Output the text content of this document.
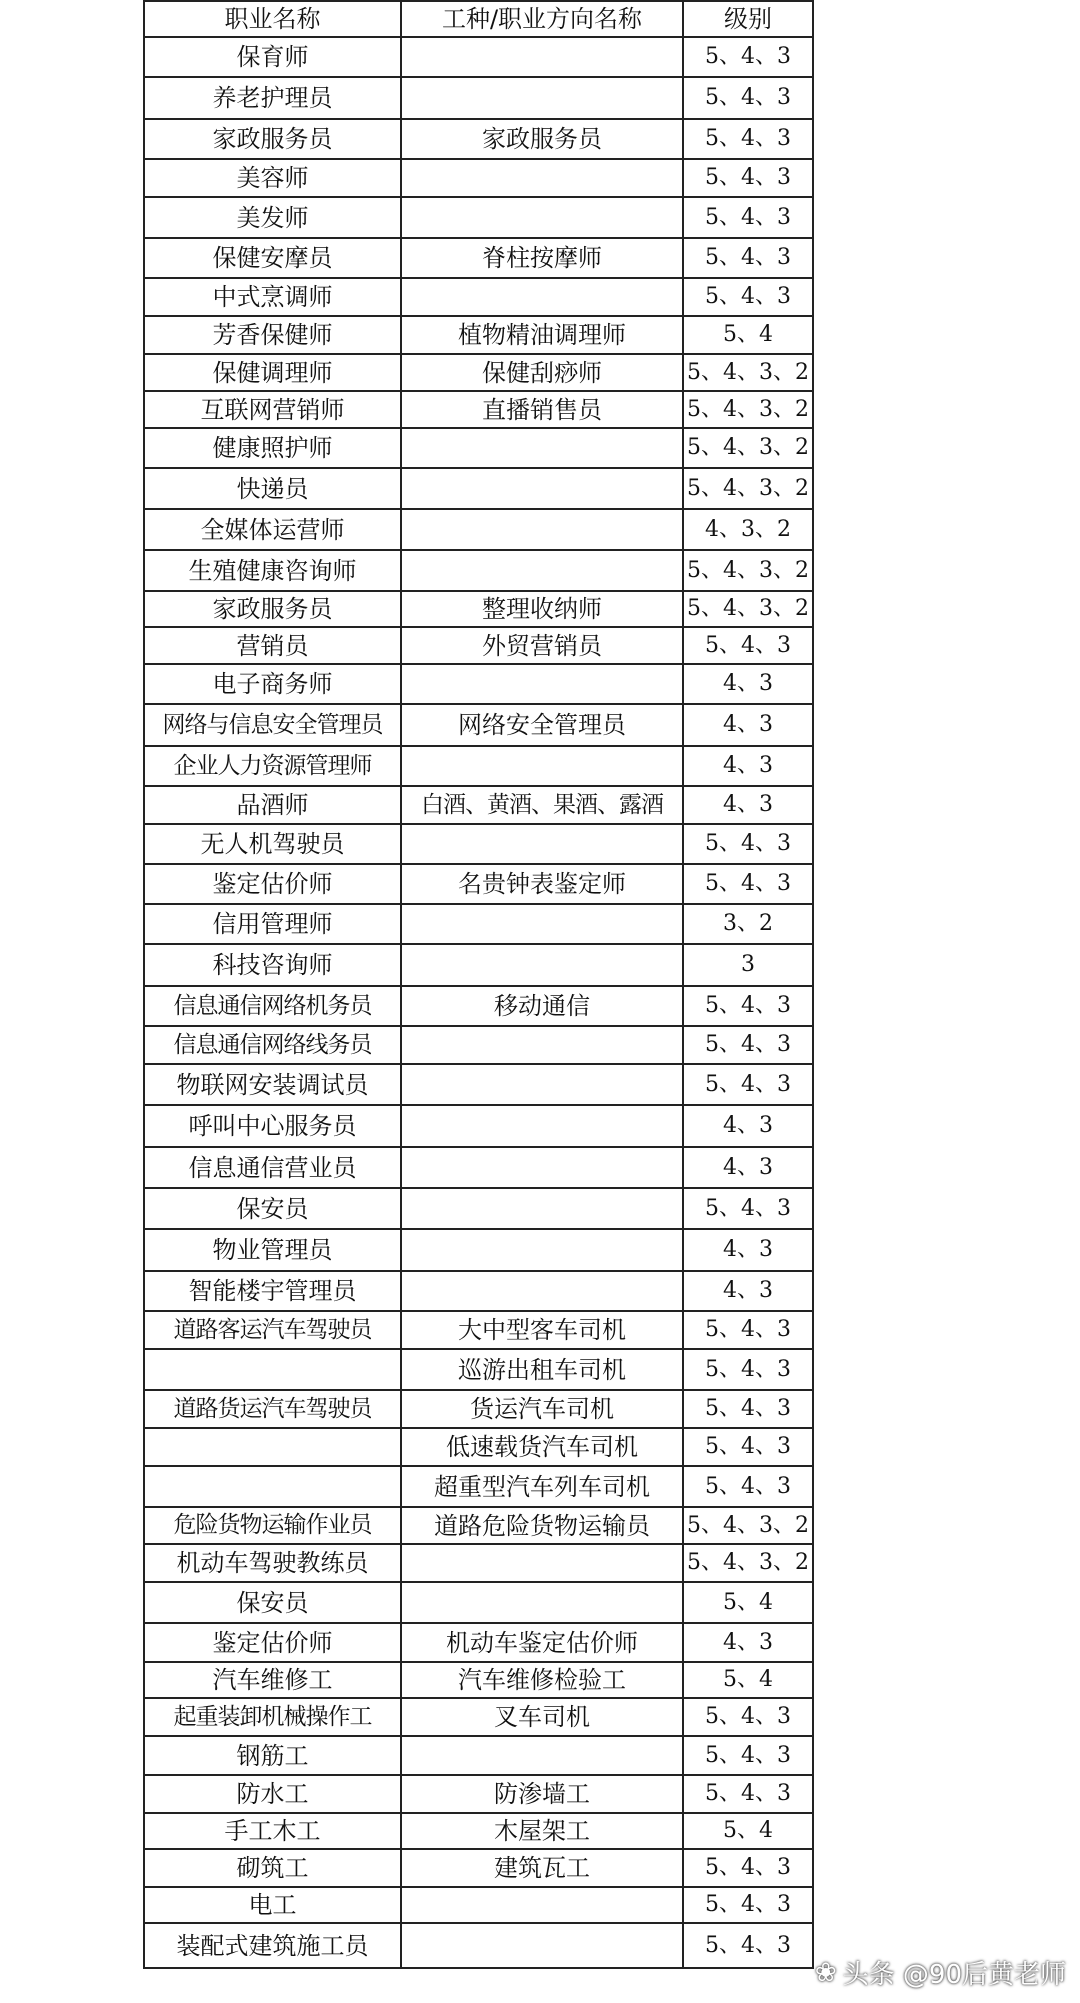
职业名称	工种/职业方向名称	级别
保育师		5、4、3
养老护理员		5、4、3
家政服务员	家政服务员	5、4、3
美容师		5、4、3
美发师		5、4、3
保健安摩员	脊柱按摩师	5、4、3
中式烹调师		5、4、3
芳香保健师	植物精油调理师	5、4
保健调理师	保健刮痧师	5、4、3、2
互联网营销师	直播销售员	5、4、3、2
健康照护师		5、4、3、2
快递员		5、4、3、2
全媒体运营师		4、3、2
生殖健康咨询师		5、4、3、2
家政服务员	整理收纳师	5、4、3、2
营销员	外贸营销员	5、4、3
电子商务师		4、3
网络与信息安全管理员	网络安全管理员	4、3
企业人力资源管理师		4、3
品酒师	白酒、黄酒、果酒、露酒	4、3
无人机驾驶员		5、4、3
鉴定估价师	名贵钟表鉴定师	5、4、3
信用管理师		3、2
科技咨询师		3
信息通信网络机务员	移动通信	5、4、3
信息通信网络线务员		5、4、3
物联网安装调试员		5、4、3
呼叫中心服务员		4、3
信息通信营业员		4、3
保安员		5、4、3
物业管理员		4、3
智能楼宇管理员		4、3
道路客运汽车驾驶员	大中型客车司机	5、4、3
	巡游出租车司机	5、4、3
道路货运汽车驾驶员	货运汽车司机	5、4、3
	低速载货汽车司机	5、4、3
	超重型汽车列车司机	5、4、3
危险货物运输作业员	道路危险货物运输员	5、4、3、2
机动车驾驶教练员		5、4、3、2
保安员		5、4
鉴定估价师	机动车鉴定估价师	4、3
汽车维修工	汽车维修检验工	5、4
起重装卸机械操作工	叉车司机	5、4、3
钢筋工		5、4、3
防水工	防渗墙工	5、4、3
手工木工	木屋架工	5、4
砌筑工	建筑瓦工	5、4、3
电工		5、4、3
装配式建筑施工员		5、4、3
❀ 头条 @90后黄老师
